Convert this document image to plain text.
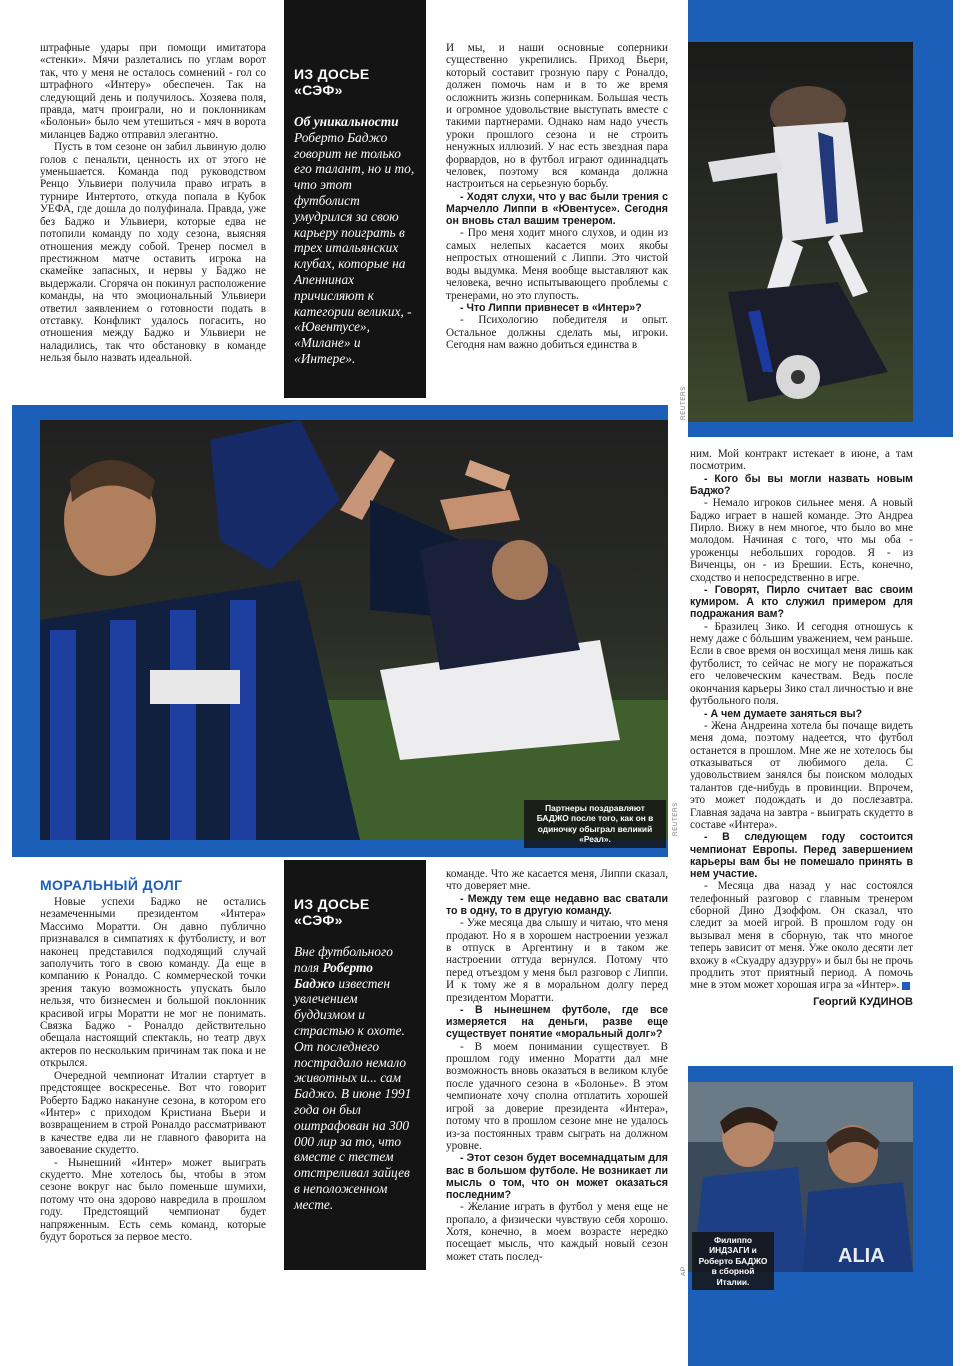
штрафные удары при помощи имитатора «стенки». Мячи разлетались по углам ворот так, что у меня не осталось сомнений - гол со штрафного «Интеру» обеспечен. Так на следующий день и получилось. Хозяева поля, правда, матч проиграли, но и поклонникам «Болоньи» было чем утешиться - мяч в ворота миланцев Баджо отправил элегантно.

Пусть в том сезоне он забил львиную долю голов с пенальти, ценность их от этого не уменьшается. Команда под руководством Ренцо Ульвиери получила право играть в турнире Интертото, откуда попала в Кубок УЕФА, где дошла до полуфинала. Правда, уже без Баджо и Ульвиери, которые едва не потопили команду по ходу сезона, выясняя отношения между собой. Тренер посмел в престижном матче оставить игрока на скамейке запасных, и нервы у Баджо не выдержали. Сгоряча он покинул расположение команды, на что эмоциональный Ульвиери ответил заявлением о готовности подать в отставку. Конфликт удалось погасить, но отношения между Баджо и Ульвиери не наладились, так что обстановку в команде нельзя было назвать идеальной.

ИЗ ДОСЬЕ «СЭФ»
Об уникальности Роберто Баджо говорит не только его талант, но и то, что этот футболист умудрился за свою карьеру поиграть в трех итальянских клубах, которые на Апеннинах причисляют к категории великих, - «Ювентусе», «Милане» и «Интере».

И мы, и наши основные соперники существенно укрепились. Приход Вьери, который составит грозную пару с Роналдо, должен помочь нам и в то же время осложнить жизнь соперникам. Большая честь и огромное удовольствие выступать вместе с такими партнерами. Однако нам надо учесть уроки прошлого сезона и не строить ненужных иллюзий. У нас есть звездная пара форвардов, но в футбол играют одиннадцать человек, поэтому вся команда должна настроиться на серьезную борьбу.

- Ходят слухи, что у вас были трения с Марчелло Липпи в «Ювентусе». Сегодня он вновь стал вашим тренером.

- Про меня ходит много слухов, и один из самых нелепых касается моих якобы непростых отношений с Липпи. Это чистой воды выдумка. Меня вообще выставляют как человека, вечно испытывающего проблемы с тренерами, но это глупость.

- Что Липпи привнесет в «Интер»?

- Психологию победителя и опыт. Остальное должны сделать мы, игроки. Сегодня нам важно добиться единства в

REUTERS
Партнеры поздравляют БАДЖО после того, как он в одиночку обыграл великий «Реал».
REUTERS

ним. Мой контракт истекает в июне, а там посмотрим.

- Кого бы вы могли назвать новым Баджо?

- Немало игроков сильнее меня. А новый Баджо играет в нашей команде. Это Андреа Пирло. Вижу в нем многое, что было во мне молодом. Начиная с того, что мы оба - уроженцы небольших городов. Я - из Виченцы, он - из Брешии. Есть, конечно, сходство и непосредственно в игре.

- Говорят, Пирло считает вас своим кумиром. А кто служил примером для подражания вам?

- Бразилец Зико. И сегодня отношусь к нему даже с бóльшим уважением, чем раньше. Если в свое время он восхищал меня лишь как футболист, то сейчас не могу не поражаться его человеческим качествам. Ведь после окончания карьеры Зико стал личностью и вне футбольного поля.

- А чем думаете заняться вы?

- Жена Андреина хотела бы почаще видеть меня дома, поэтому надеется, что футбол останется в прошлом. Мне же не хотелось бы отказываться от любимого дела. С удовольствием занялся бы поиском молодых талантов где-нибудь в провинции. Впрочем, это может подождать и до послезавтра. Главная задача на завтра - выиграть скудетто в составе «Интера».

- В следующем году состоится чемпионат Европы. Перед завершением карьеры вам бы не помешало принять в нем участие.

- Месяца два назад у нас состоялся телефонный разговор с главным тренером сборной Дино Дзоффом. Он сказал, что следит за моей игрой. В прошлом году он вызывал меня в сборную, так что многое теперь зависит от меня. Уже около десяти лет вхожу в «Скуадру адзурру» и был бы не прочь продлить этот приятный период. А помочь мне в этом может хорошая игра за «Интер».

Георгий КУДИНОВ

МОРАЛЬНЫЙ ДОЛГ

Новые успехи Баджо не остались незамеченными президентом «Интера» Массимо Моратти. Он давно публично признавался в симпатиях к футболисту, и вот наконец представился подходящий случай заполучить того в свою команду. Да еще в компанию к Роналдо. С коммерческой точки зрения такую возможность упускать было нельзя, что бизнесмен и большой поклонник красивой игры Моратти не мог не понимать. Связка Баджо - Роналдо действительно обещала настоящий спектакль, но театр двух актеров по нескольким причинам так пока и не открылся.

Очередной чемпионат Италии стартует в предстоящее воскресенье. Вот что говорит Роберто Баджо накануне сезона, в котором его «Интер» с приходом Кристиана Вьери и возвращением в строй Роналдо рассматривают в качестве едва ли не главного фаворита на завоевание скудетто.

- Нынешний «Интер» может выиграть скудетто. Мне хотелось бы, чтобы в этом сезоне вокруг нас было поменьше шумихи, потому что она здорово навредила в прошлом году. Предстоящий чемпионат будет напряженным. Есть семь команд, которые будут бороться за первое место.

ИЗ ДОСЬЕ «СЭФ»
Вне футбольного поля Роберто Баджо известен увлечением буддизмом и страстью к охоте. От последнего пострадало немало животных и... сам Баджо. В июне 1991 года он был оштрафован на 300 000 лир за то, что вместе с тестем отстреливал зайцев в неположенном месте.

команде. Что же касается меня, Липпи сказал, что доверяет мне.

- Между тем еще недавно вас сватали то в одну, то в другую команду.

- Уже месяца два слышу и читаю, что меня продают. Но я в хорошем настроении уезжал в отпуск в Аргентину и в таком же настроении оттуда вернулся. Потому что перед отъездом у меня был разговор с Липпи. И к тому же я в моральном долгу перед президентом Моратти.

- В нынешнем футболе, где все измеряется на деньги, разве еще существует понятие «моральный долг»?

- В моем понимании существует. В прошлом году именно Моратти дал мне возможность вновь оказаться в великом клубе после удачного сезона в «Болонье». В этом чемпионате хочу сполна отплатить хорошей игрой за доверие президента «Интера», потому что в прошлом сезоне мне не удалось из-за постоянных травм сыграть на должном уровне.

- Этот сезон будет восемнадцатым для вас в большом футболе. Не возникает ли мысль о том, что он может оказаться последним?

- Желание играть в футбол у меня еще не пропало, а физически чувствую себя хорошо. Хотя, конечно, в моем возрасте нередко посещает мысль, что каждый новый сезон может стать послед-	ALIA
Филиппо ИНДЗАГИ и Роберто БАДЖО в сборной Италии.
AP
